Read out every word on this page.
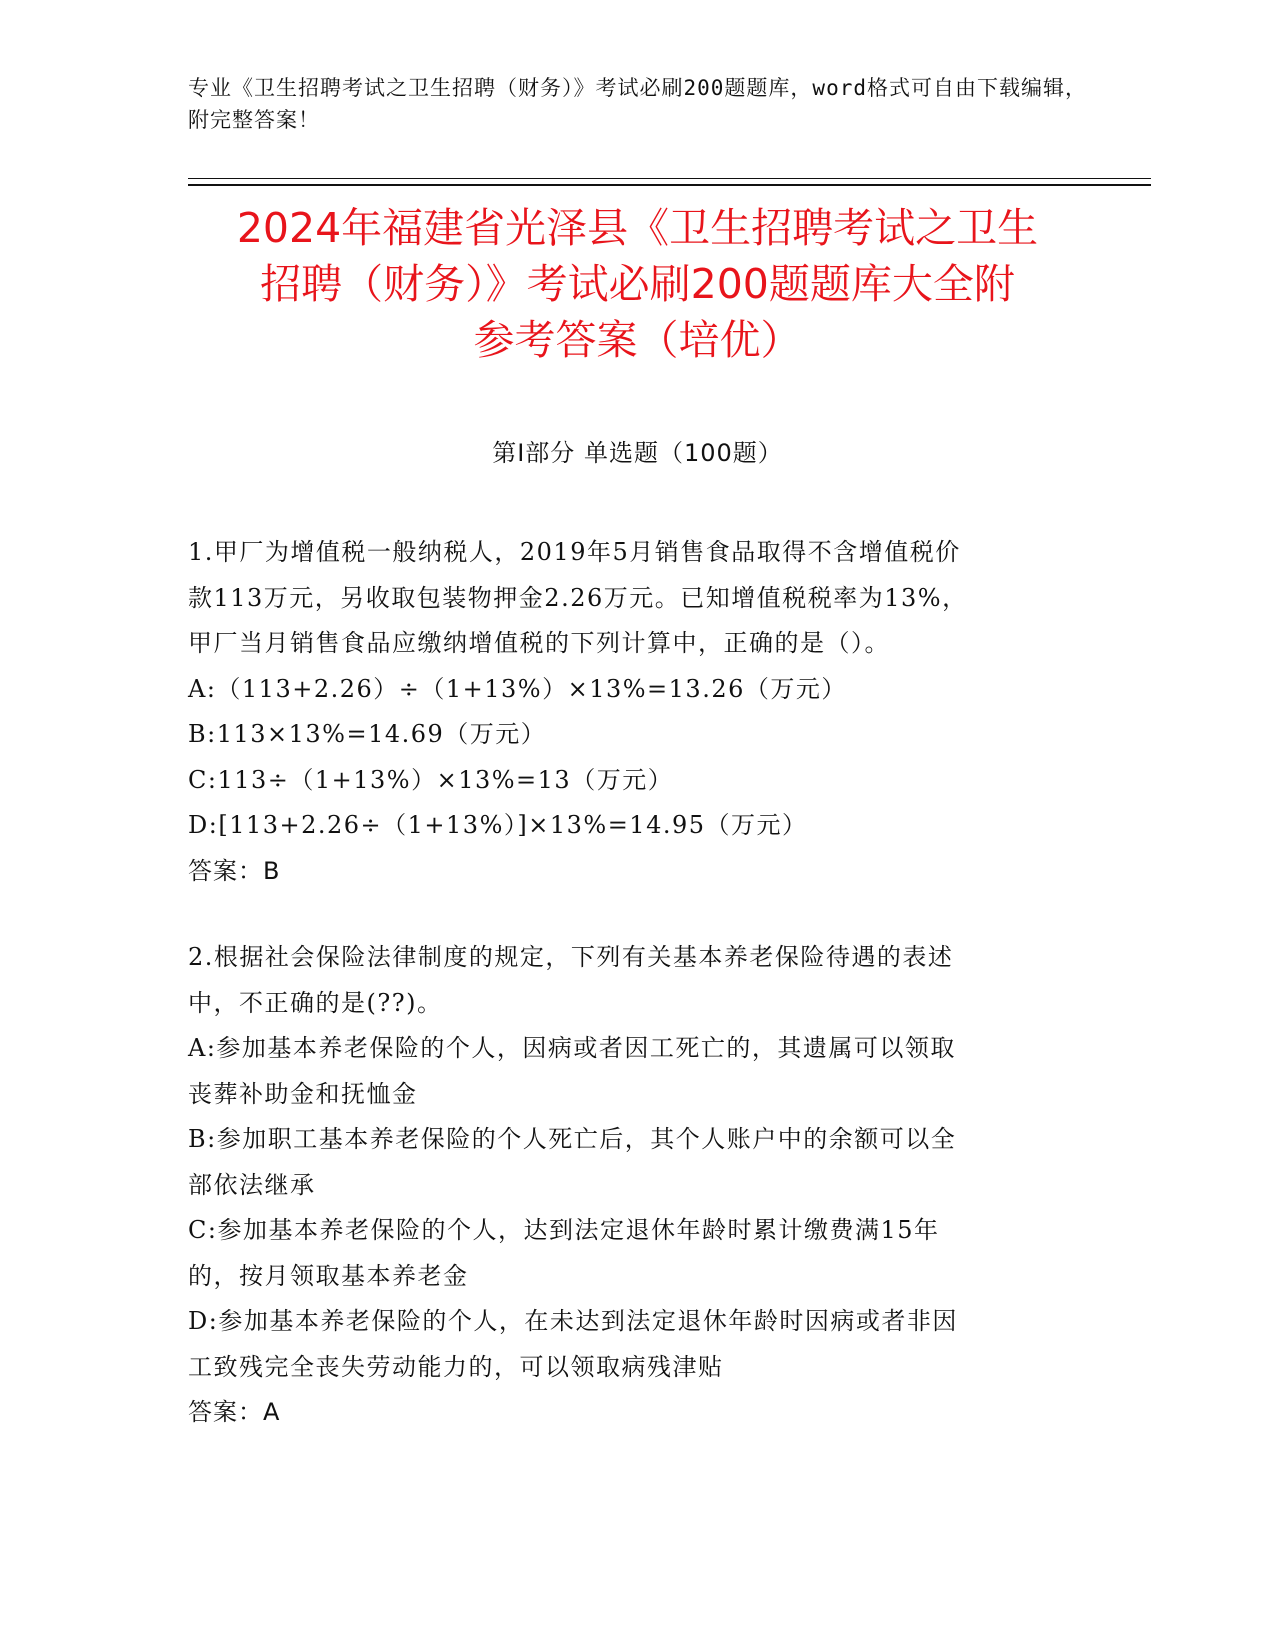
专业《卫生招聘考试之卫生招聘（财务）》考试必刷200题题库，word格式可自由下载编辑，附完整答案！
2024年福建省光泽县《卫生招聘考试之卫生
招聘（财务）》考试必刷200题题库大全附
参考答案（培优）
第Ⅰ部分 单选题（100题）

1.甲厂为增值税一般纳税人，2019年5月销售食品取得不含增值税价

款113万元，另收取包装物押金2.26万元。已知增值税税率为13%，

甲厂当月销售食品应缴纳增值税的下列计算中，正确的是（）。

A:（113+2.26）÷（1+13%）×13%=13.26（万元）

B:113×13%=14.69（万元）

C:113÷（1+13%）×13%=13（万元）

D:[113+2.26÷（1+13%）]×13%=14.95（万元）

答案：B

2.根据社会保险法律制度的规定，下列有关基本养老保险待遇的表述

中，不正确的是(??)。

A:参加基本养老保险的个人，因病或者因工死亡的，其遗属可以领取

丧葬补助金和抚恤金

B:参加职工基本养老保险的个人死亡后，其个人账户中的余额可以全

部依法继承

C:参加基本养老保险的个人，达到法定退休年龄时累计缴费满15年

的，按月领取基本养老金

D:参加基本养老保险的个人，在未达到法定退休年龄时因病或者非因

工致残完全丧失劳动能力的，可以领取病残津贴

答案：A
